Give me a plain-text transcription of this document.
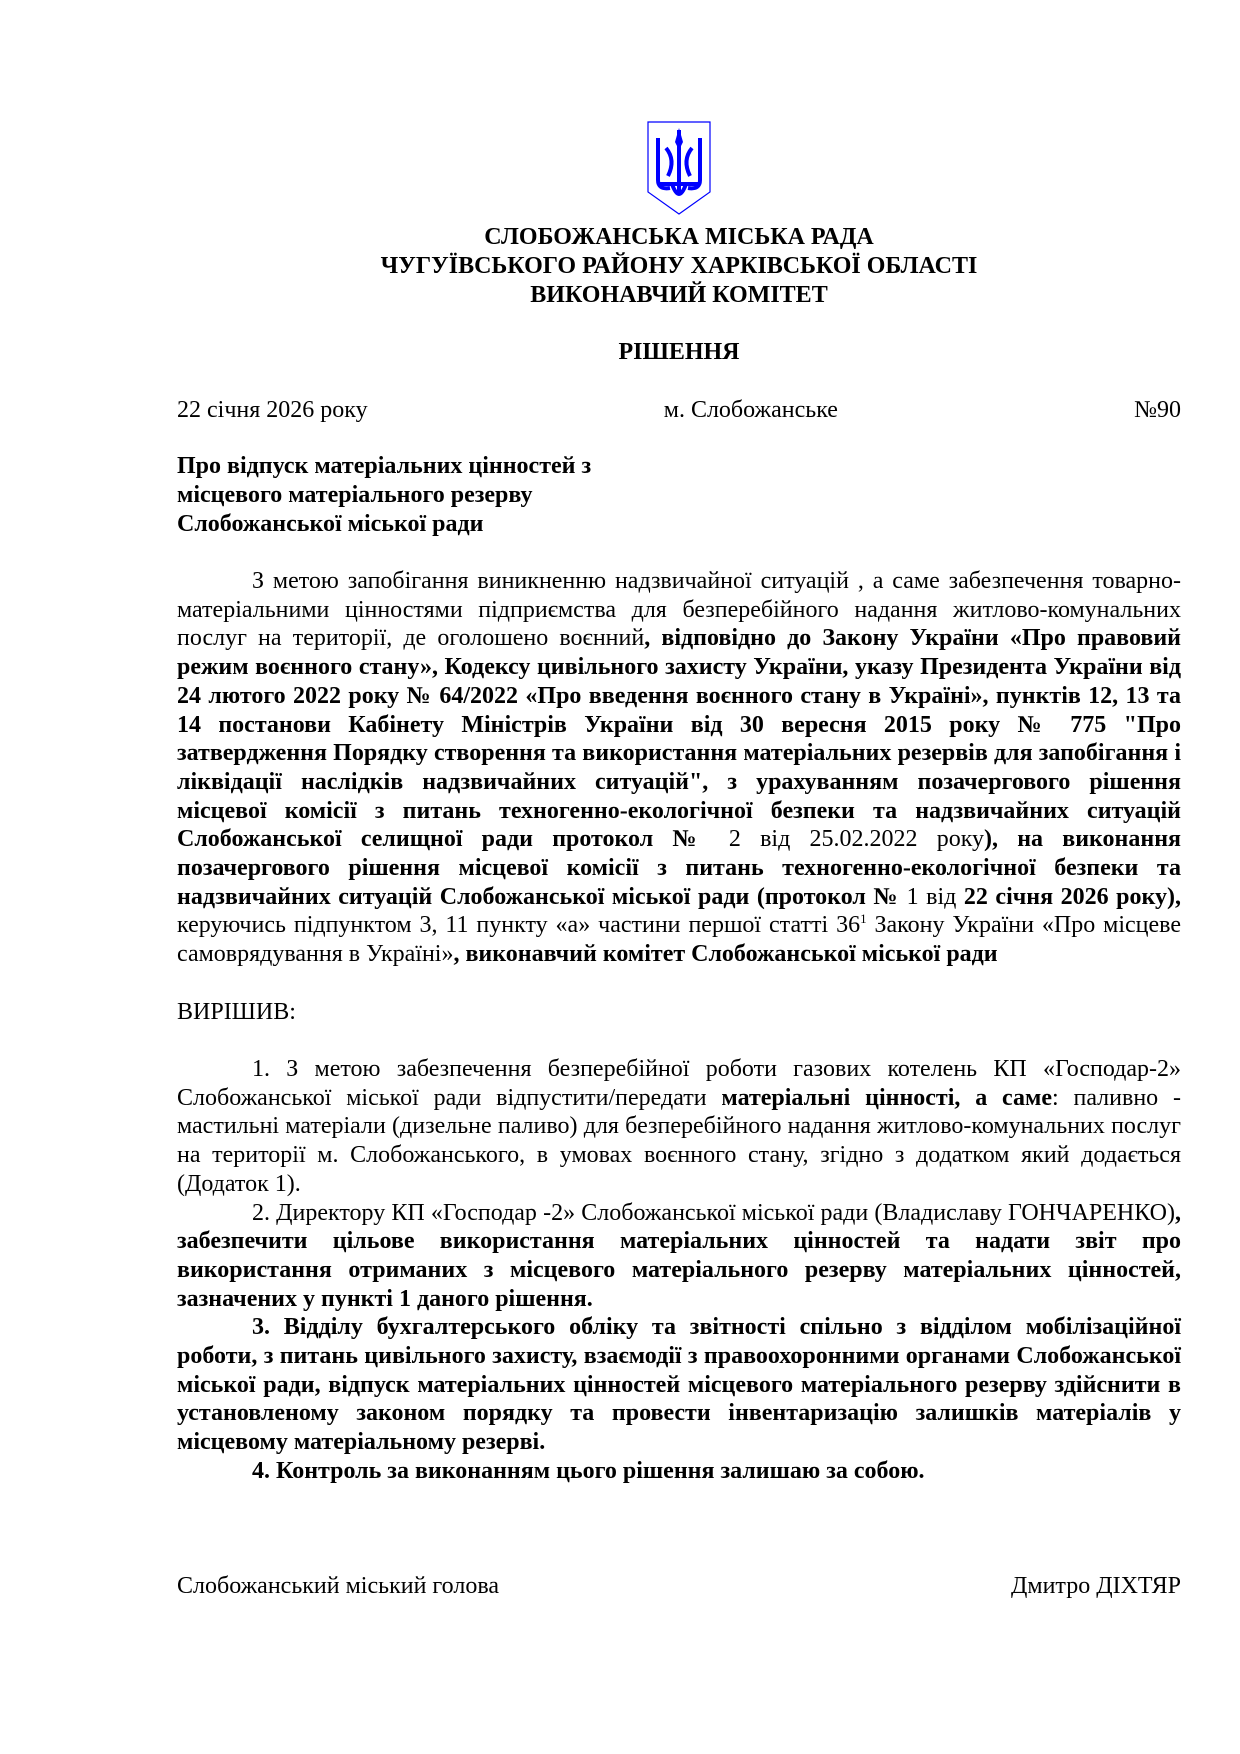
СЛОБОЖАНСЬКА МІСЬКА РАДА
ЧУГУЇВСЬКОГО РАЙОНУ ХАРКІВСЬКОЇ ОБЛАСТІ
ВИКОНАВЧИЙ КОМІТЕТ
РІШЕННЯ
22 січня 2026 року	м. Слобожанське	№90
Про відпуск матеріальних цінностей з
місцевого матеріального резерву
Слобожанської міської ради

З метою запобігання виникненню надзвичайної ситуацій , а саме забезпечення товарно-матеріальними цінностями підприємства для безперебійного надання житлово-комунальних послуг на території, де оголошено воєнний, відповідно до Закону України «Про правовий режим воєнного стану», Кодексу цивільного захисту України, указу Президента України від 24 лютого 2022 року № 64/2022 «Про введення воєнного стану в Україні», пунктів 12, 13 та 14 постанови Кабінету Міністрів України від 30 вересня 2015 року № 775 "Про затвердження Порядку створення та використання матеріальних резервів для запобігання і ліквідації наслідків надзвичайних ситуацій", з урахуванням позачергового рішення місцевої комісії з питань техногенно-екологічної безпеки та надзвичайних ситуацій Слобожанської селищної ради протокол № 2 від 25.02.2022 року), на виконання позачергового рішення місцевої комісії з питань техногенно-екологічної безпеки та надзвичайних ситуацій Слобожанської міської ради (протокол № 1 від 22 січня 2026 року), керуючись підпунктом 3, 11 пункту «а» частини першої статті $36^1$ Закону України «Про місцеве самоврядування в Україні», виконавчий комітет Слобожанської міської ради

ВИРІШИВ:

1. З метою забезпечення безперебійної роботи газових котелень КП «Господар-2» Слобожанської міської ради відпустити/передати матеріальні цінності, а саме: паливно - мастильні матеріали (дизельне паливо) для безперебійного надання житлово-комунальних послуг на території м. Слобожанського, в умовах воєнного стану, згідно з додатком який додається (Додаток 1).

2. Директору КП «Господар -2» Слобожанської міської ради (Владиславу ГОНЧАРЕНКО), забезпечити цільове використання матеріальних цінностей та надати звіт про використання отриманих з місцевого матеріального резерву матеріальних цінностей, зазначених у пункті 1 даного рішення.

3. Відділу бухгалтерського обліку та звітності спільно з відділом мобілізаційної роботи, з питань цивільного захисту, взаємодії з правоохоронними органами Слобожанської міської ради, відпуск матеріальних цінностей місцевого матеріального резерву здійснити в установленому законом порядку та провести інвентаризацію залишків матеріалів у місцевому матеріальному резерві.

4. Контроль за виконанням цього рішення залишаю за собою.

Слобожанський міський голова	Дмитро ДІХТЯР
